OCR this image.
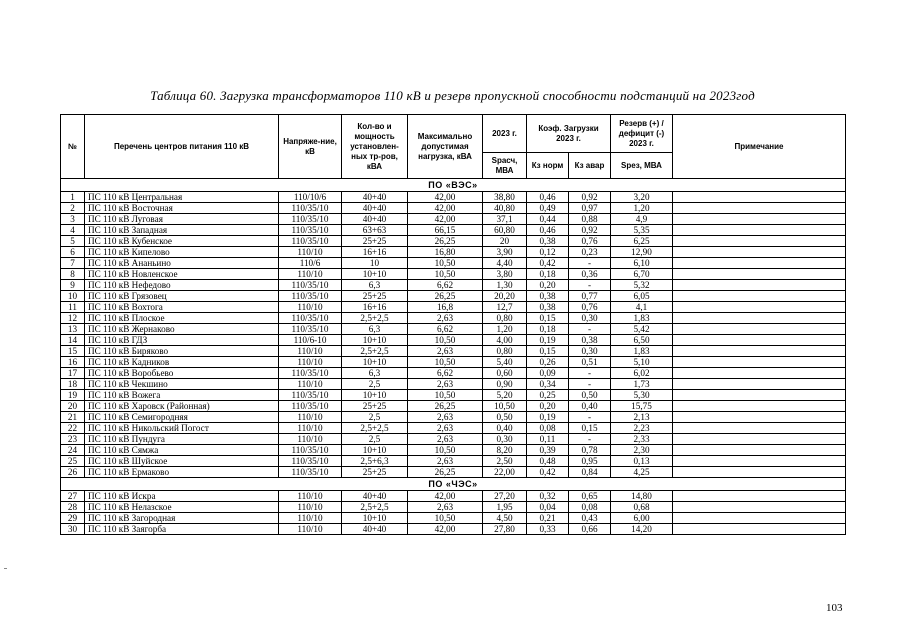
Таблица 60. Загрузка трансформаторов 110 кВ и резерв пропускной способности подстанций на 2023год
№	Перечень центров питания 110 кВ	Напряже-ние, кВ	Кол-во и мощность установлен-ных тр-ров, кВА	Максимально допустимая нагрузка, кВА	2023 г.	Коэф. Загрузки 2023 г.		Резерв (+) / дефицит (-) 2023 г.	Примечание
					Sрасч, МВА	Кз норм	Кз авар	Sрез, МВА	
ПО «ВЭС»									
1	ПС 110 кВ Центральная	110/10/6	40+40	42,00	38,80	0,46	0,92	3,20	
2	ПС 110 кВ Восточная	110/35/10	40+40	42,00	40,80	0,49	0,97	1,20	
3	ПС 110 кВ Луговая	110/35/10	40+40	42,00	37,1	0,44	0,88	4,9	
4	ПС 110 кВ Западная	110/35/10	63+63	66,15	60,80	0,46	0,92	5,35	
5	ПС 110 кВ Кубенское	110/35/10	25+25	26,25	20	0,38	0,76	6,25	
6	ПС 110 кВ Кипелово	110/10	16+16	16,80	3,90	0,12	0,23	12,90	
7	ПС 110 кВ Ананьино	110/6	10	10,50	4,40	0,42	-	6,10	
8	ПС 110 кВ Новленское	110/10	10+10	10,50	3,80	0,18	0,36	6,70	
9	ПС 110 кВ Нефедово	110/35/10	6,3	6,62	1,30	0,20	-	5,32	
10	ПС 110 кВ Грязовец	110/35/10	25+25	26,25	20,20	0,38	0,77	6,05	
11	ПС 110 кВ Вохтога	110/10	16+16	16,8	12,7	0,38	0,76	4,1	
12	ПС 110 кВ Плоское	110/35/10	2,5+2,5	2,63	0,80	0,15	0,30	1,83	
13	ПС 110 кВ Жернаково	110/35/10	6,3	6,62	1,20	0,18	-	5,42	
14	ПС 110 кВ ГДЗ	110/6-10	10+10	10,50	4,00	0,19	0,38	6,50	
15	ПС 110 кВ Биряково	110/10	2,5+2,5	2,63	0,80	0,15	0,30	1,83	
16	ПС 110 кВ Кадников	110/10	10+10	10,50	5,40	0,26	0,51	5,10	
17	ПС 110 кВ Воробьево	110/35/10	6,3	6,62	0,60	0,09	-	6,02	
18	ПС 110 кВ Чекшино	110/10	2,5	2,63	0,90	0,34	-	1,73	
19	ПС 110 кВ Вожега	110/35/10	10+10	10,50	5,20	0,25	0,50	5,30	
20	ПС 110 кВ Харовск (Районная)	110/35/10	25+25	26,25	10,50	0,20	0,40	15,75	
21	ПС 110 кВ Семигородняя	110/10	2,5	2,63	0,50	0,19	-	2,13	
22	ПС 110 кВ Никольский Погост	110/10	2,5+2,5	2,63	0,40	0,08	0,15	2,23	
23	ПС 110 кВ Пундуга	110/10	2,5	2,63	0,30	0,11	-	2,33	
24	ПС 110 кВ Сямжа	110/35/10	10+10	10,50	8,20	0,39	0,78	2,30	
25	ПС 110 кВ Шуйское	110/35/10	2,5+6,3	2,63	2,50	0,48	0,95	0,13	
26	ПС 110 кВ Ермаково	110/35/10	25+25	26,25	22,00	0,42	0,84	4,25	
ПО «ЧЭС»									
27	ПС 110 кВ Искра	110/10	40+40	42,00	27,20	0,32	0,65	14,80	
28	ПС 110 кВ Нелазское	110/10	2,5+2,5	2,63	1,95	0,04	0,08	0,68	
29	ПС 110 кВ Загородная	110/10	10+10	10,50	4,50	0,21	0,43	6,00	
30	ПС 110 кВ Заягорба	110/10	40+40	42,00	27,80	0,33	0,66	14,20	
103
